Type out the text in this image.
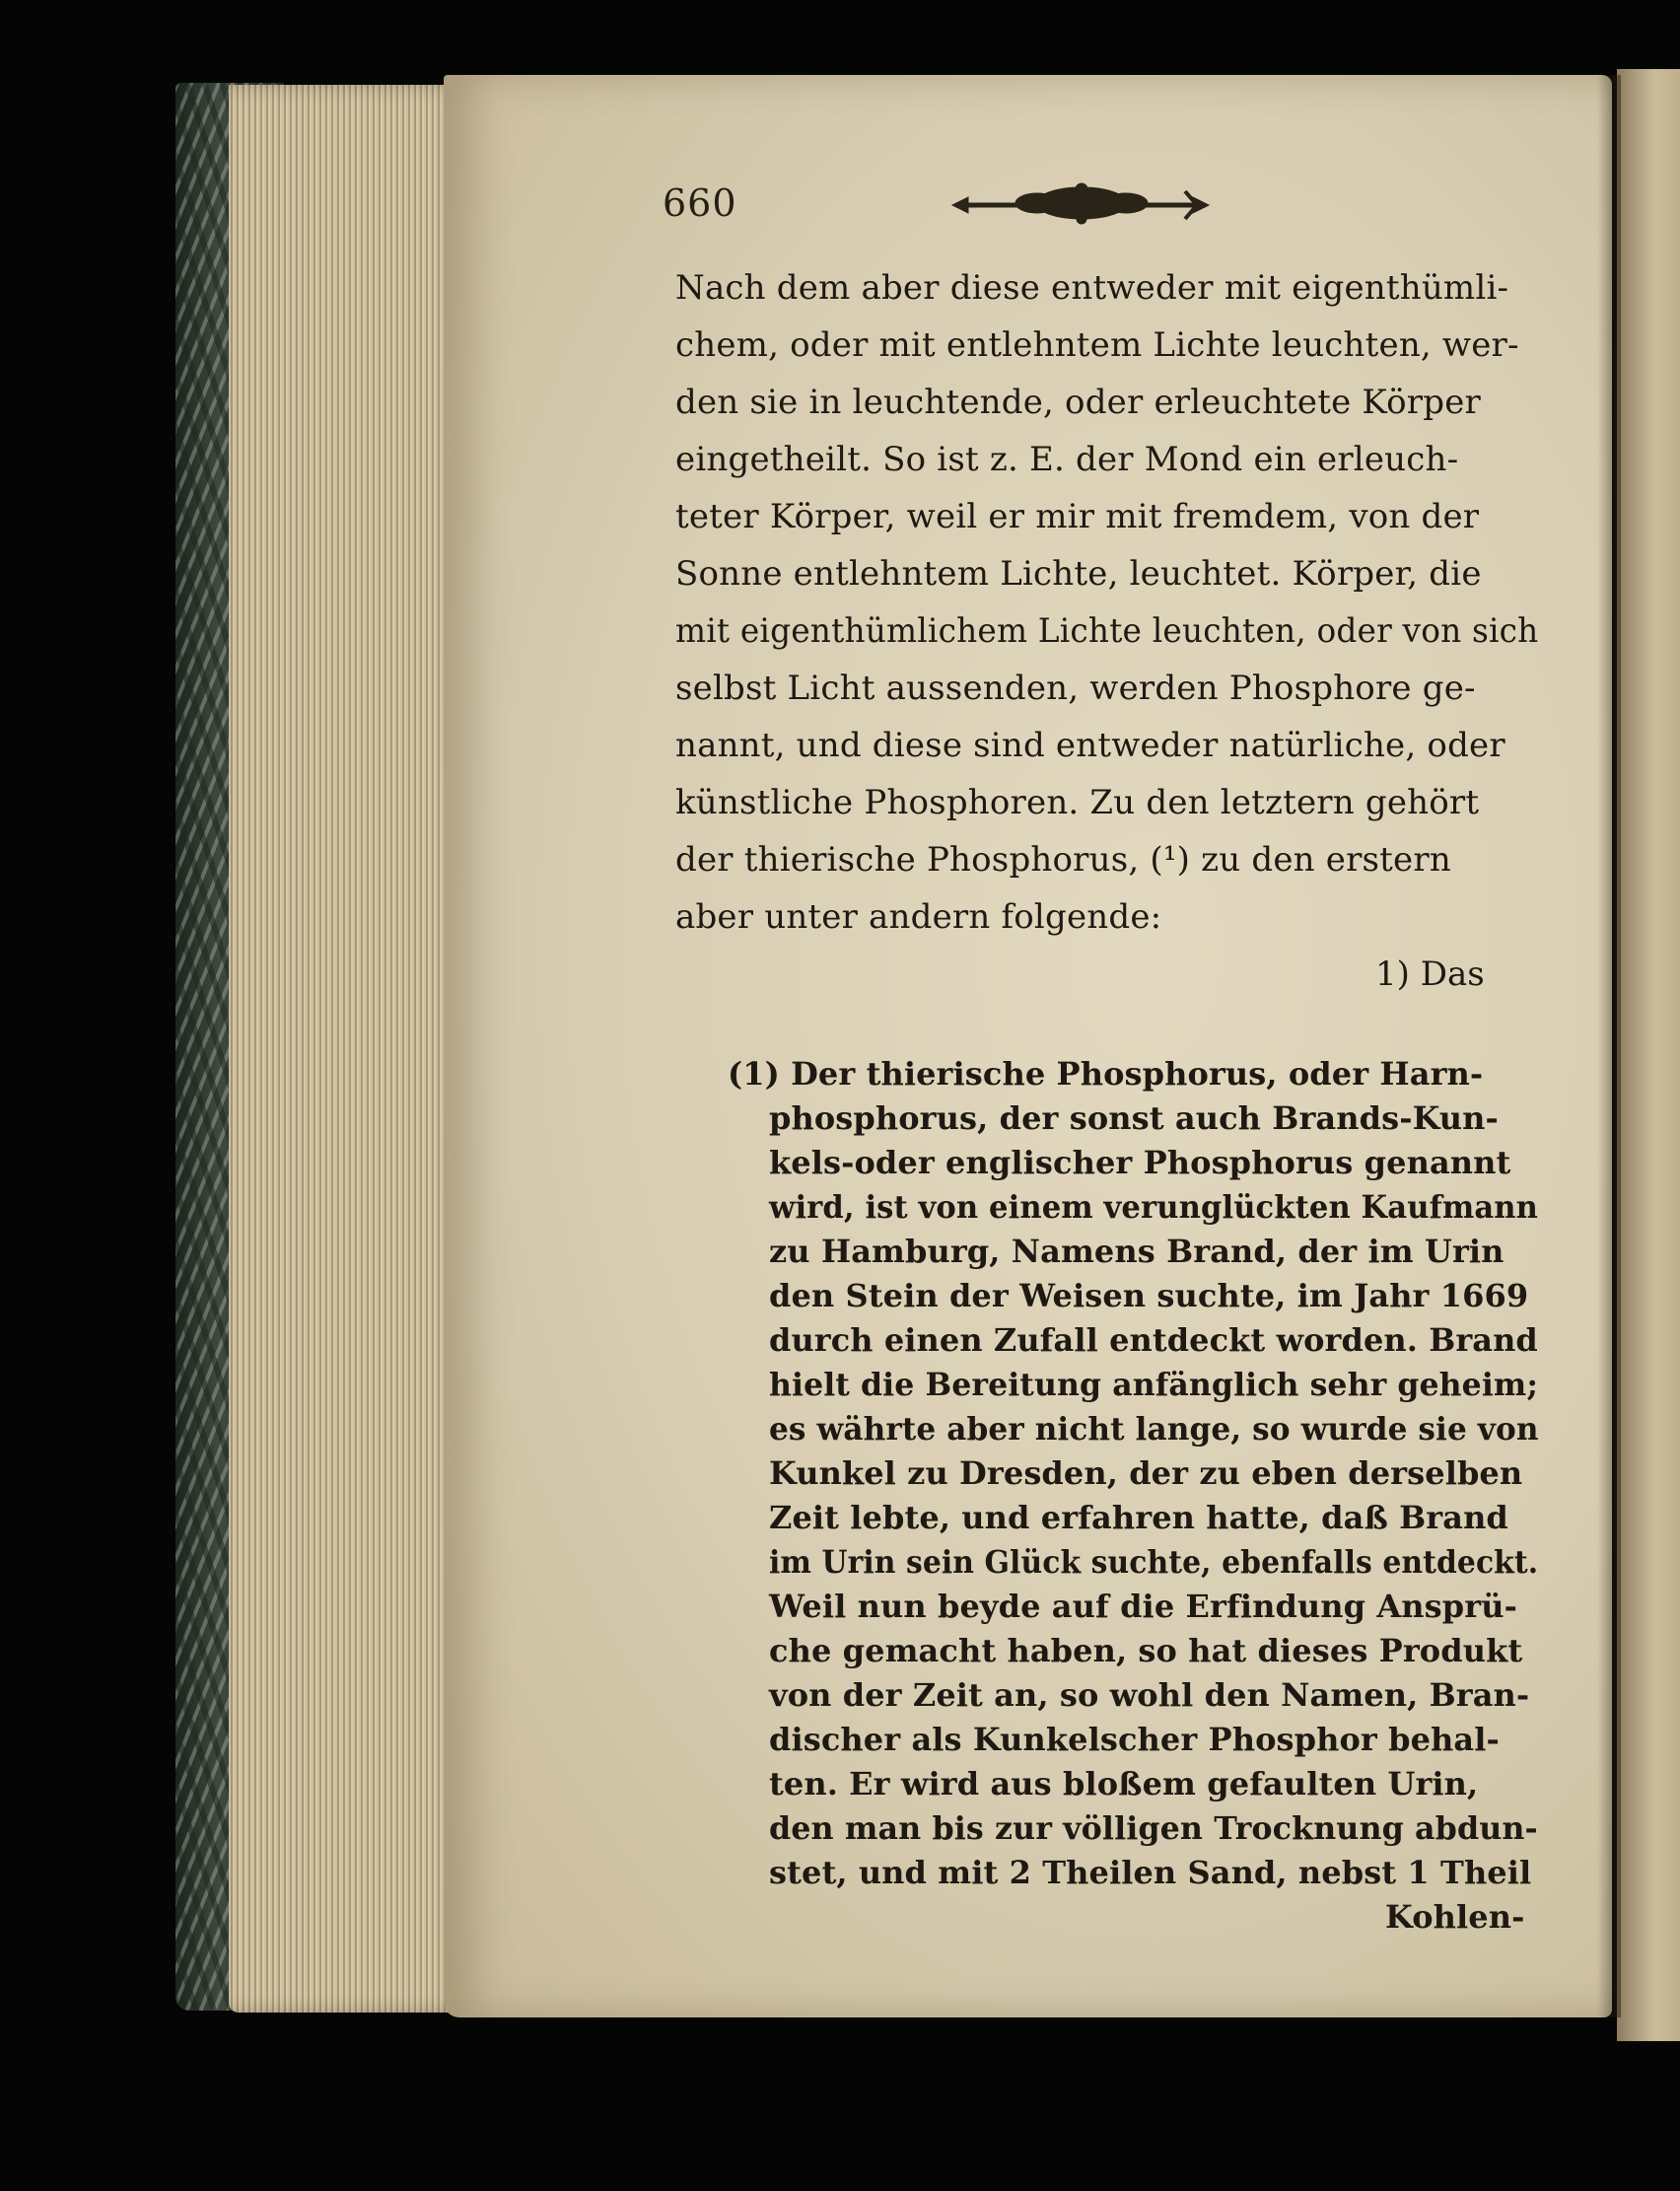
660
Nach dem aber diese entweder mit eigenthümli-
chem, oder mit entlehntem Lichte leuchten, wer-
den sie in leuchtende, oder erleuchtete Körper
eingetheilt. So ist z. E. der Mond ein erleuch-
teter Körper, weil er mir mit fremdem, von der
Sonne entlehntem Lichte, leuchtet. Körper, die
mit eigenthümlichem Lichte leuchten, oder von sich
selbst Licht aussenden, werden Phosphore ge-
nannt, und diese sind entweder natürliche, oder
künstliche Phosphoren. Zu den letztern gehört
der thierische Phosphorus, (¹) zu den erstern
aber unter andern folgende:
1) Das
(1) Der thierische Phosphorus, oder Harn-
phosphorus, der sonst auch Brands-Kun-
kels-oder englischer Phosphorus genannt
wird, ist von einem verunglückten Kaufmann
zu Hamburg, Namens Brand, der im Urin
den Stein der Weisen suchte, im Jahr 1669
durch einen Zufall entdeckt worden. Brand
hielt die Bereitung anfänglich sehr geheim;
es währte aber nicht lange, so wurde sie von
Kunkel zu Dresden, der zu eben derselben
Zeit lebte, und erfahren hatte, daß Brand
im Urin sein Glück suchte, ebenfalls entdeckt.
Weil nun beyde auf die Erfindung Ansprü-
che gemacht haben, so hat dieses Produkt
von der Zeit an, so wohl den Namen, Bran-
discher als Kunkelscher Phosphor behal-
ten. Er wird aus bloßem gefaulten Urin,
den man bis zur völligen Trocknung abdun-
stet, und mit 2 Theilen Sand, nebst 1 Theil
Kohlen-
